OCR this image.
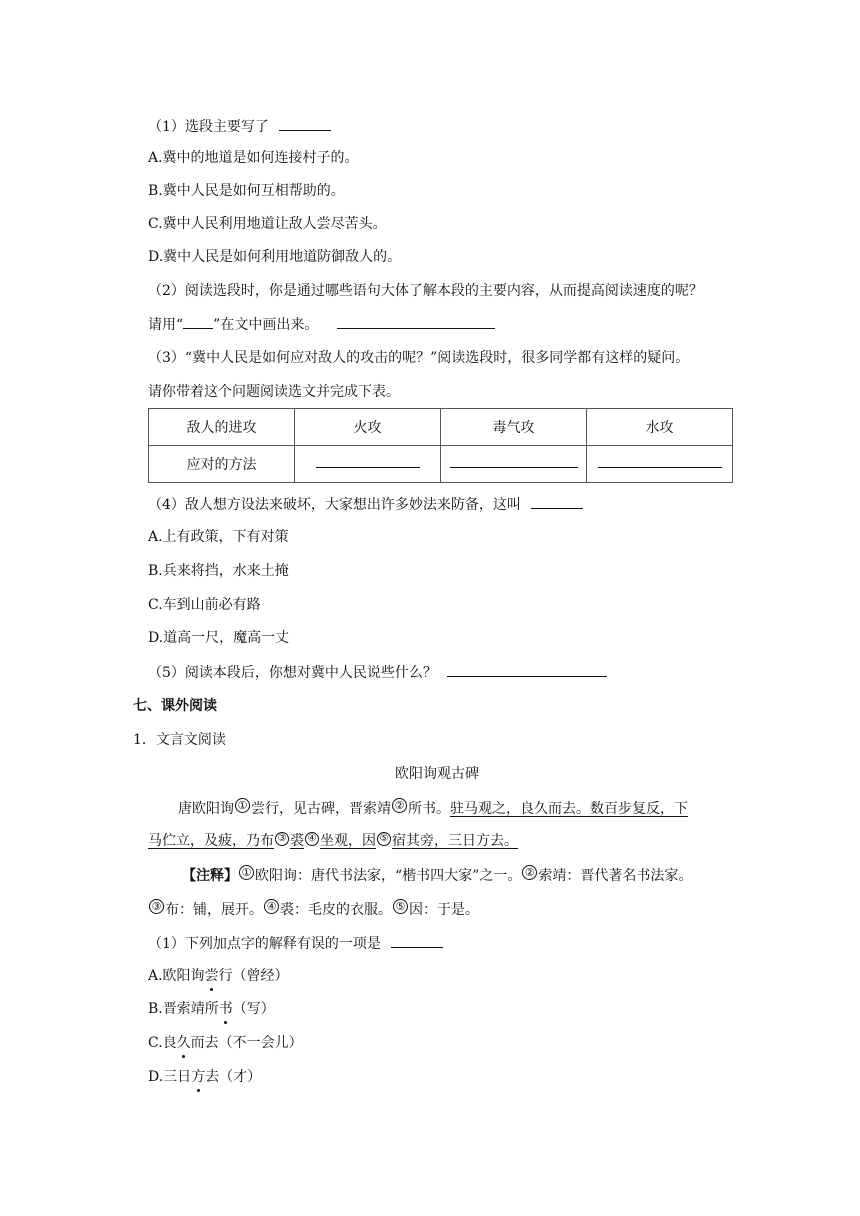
（1）选段主要写了
A.冀中的地道是如何连接村子的。
B.冀中人民是如何互相帮助的。
C.冀中人民利用地道让敌人尝尽苦头。
D.冀中人民是如何利用地道防御敌人的。
（2）阅读选段时，你是通过哪些语句大体了解本段的主要内容，从而提高阅读速度的呢？
请用“ ”在文中画出来。
（3）“冀中人民是如何应对敌人的攻击的呢？”阅读选段时，很多同学都有这样的疑问。
请你带着这个问题阅读选文并完成下表。
敌人的进攻	火攻	毒气攻	水攻
应对的方法			
（4）敌人想方设法来破坏，大家想出许多妙法来防备，这叫
A.上有政策，下有对策
B.兵来将挡，水来土掩
C.车到山前必有路
D.道高一尺，魔高一丈
（5）阅读本段后，你想对冀中人民说些什么？
七、课外阅读
1．文言文阅读
欧阳询观古碑
唐欧阳询 ① 尝行，见古碑，晋索靖 ② 所书。驻马观之，良久而去。数百步复反，下
马伫立，及疲，乃布 ③ 裘 ④ 坐观，因 ⑤ 宿其旁，三日方去。
【注释】 ① 欧阳询：唐代书法家，“楷书四大家”之一。 ② 索靖：晋代著名书法家。
③ 布：铺，展开。 ④ 裘：毛皮的衣服。 ⑤ 因：于是。
（1）下列加点字的解释有误的一项是
A.欧阳询尝行（曾经）
B.晋索靖所书（写）
C.良久而去（不一会儿）
D.三日方去（才）
